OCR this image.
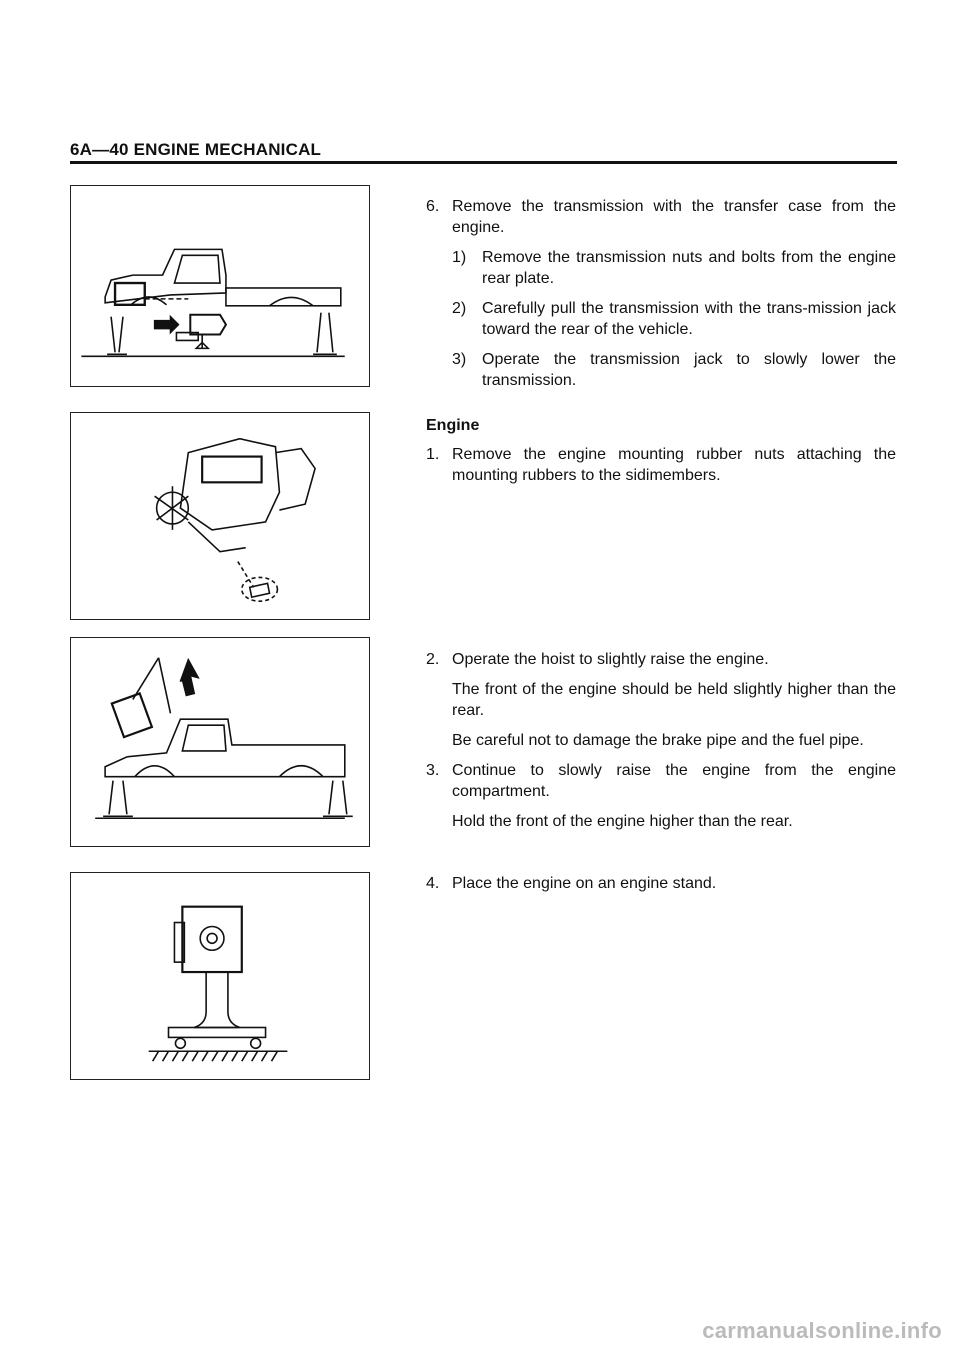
6A—40 ENGINE MECHANICAL
6. Remove the transmission with the transfer case from the engine.
1) Remove the transmission nuts and bolts from the engine rear plate.
2) Carefully pull the transmission with the trans-mission jack toward the rear of the vehicle.
3) Operate the transmission jack to slowly lower the transmission.
Engine
1. Remove the engine mounting rubber nuts attaching the mounting rubbers to the sidimembers.
2. Operate the hoist to slightly raise the engine.
The front of the engine should be held slightly higher than the rear.
Be careful not to damage the brake pipe and the fuel pipe.
3. Continue to slowly raise the engine from the engine compartment.
Hold the front of the engine higher than the rear.
4. Place the engine on an engine stand.
carmanualsonline.info
